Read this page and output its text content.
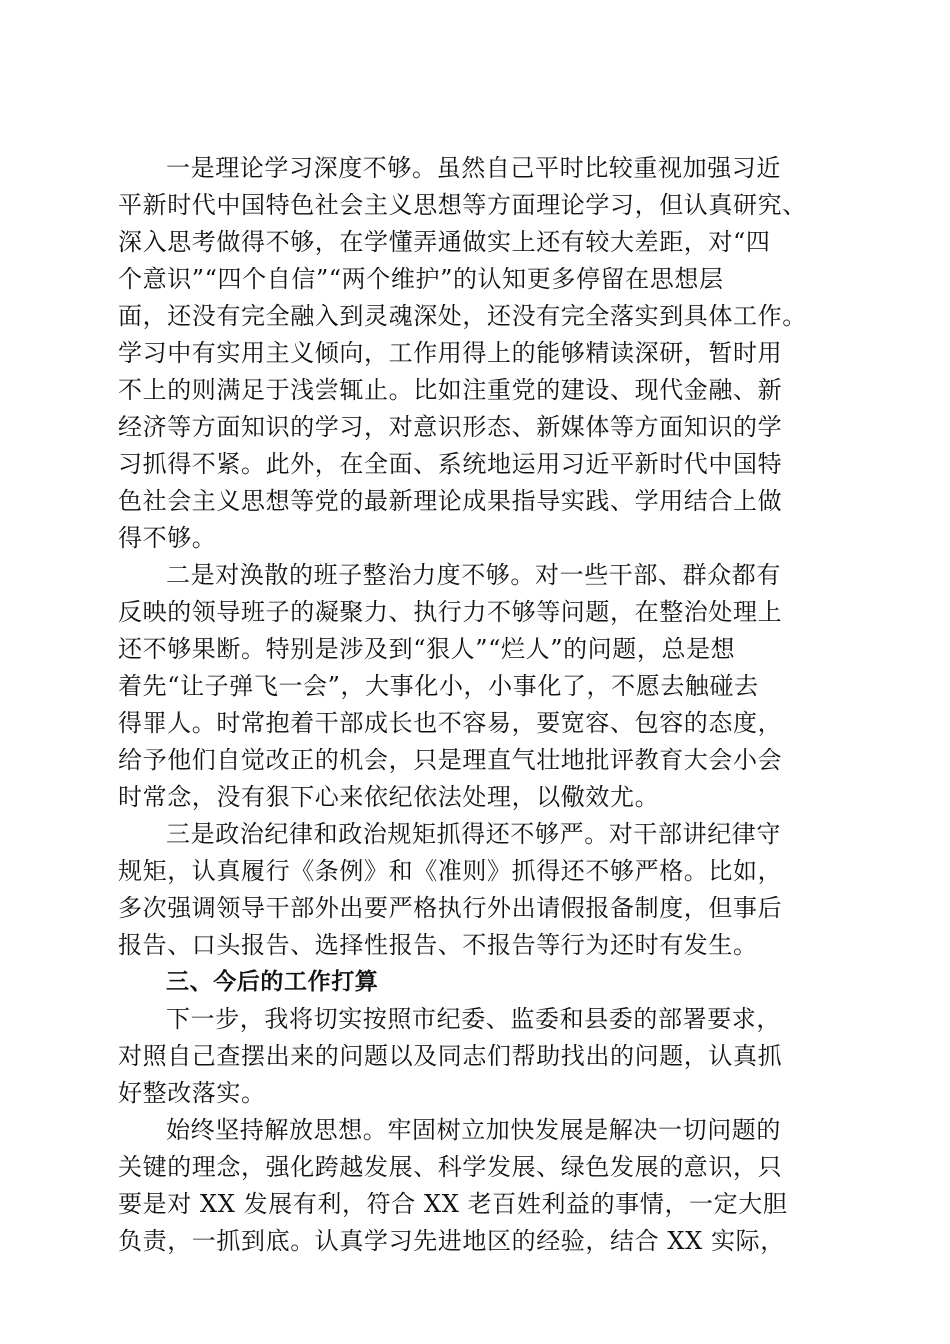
一是理论学习深度不够。虽然自己平时比较重视加强习近
平新时代中国特色社会主义思想等方面理论学习，但认真研究、
深入思考做得不够，在学懂弄通做实上还有较大差距，对“四
个意识”“四个自信”“两个维护”的认知更多停留在思想层
面，还没有完全融入到灵魂深处，还没有完全落实到具体工作。
学习中有实用主义倾向，工作用得上的能够精读深研，暂时用
不上的则满足于浅尝辄止。比如注重党的建设、现代金融、新
经济等方面知识的学习，对意识形态、新媒体等方面知识的学
习抓得不紧。此外，在全面、系统地运用习近平新时代中国特
色社会主义思想等党的最新理论成果指导实践、学用结合上做
得不够。
二是对涣散的班子整治力度不够。对一些干部、群众都有
反映的领导班子的凝聚力、执行力不够等问题，在整治处理上
还不够果断。特别是涉及到“狠人”“烂人”的问题，总是想
着先“让子弹飞一会”，大事化小，小事化了，不愿去触碰去
得罪人。时常抱着干部成长也不容易，要宽容、包容的态度，
给予他们自觉改正的机会，只是理直气壮地批评教育大会小会
时常念，没有狠下心来依纪依法处理，以儆效尤。
三是政治纪律和政治规矩抓得还不够严。对干部讲纪律守
规矩，认真履行《条例》和《准则》抓得还不够严格。比如，
多次强调领导干部外出要严格执行外出请假报备制度，但事后
报告、口头报告、选择性报告、不报告等行为还时有发生。
三、今后的工作打算
下一步，我将切实按照市纪委、监委和县委的部署要求，
对照自己查摆出来的问题以及同志们帮助找出的问题，认真抓
好整改落实。
始终坚持解放思想。牢固树立加快发展是解决一切问题的
关键的理念，强化跨越发展、科学发展、绿色发展的意识，只
要是对 XX 发展有利，符合 XX 老百姓利益的事情，一定大胆
负责，一抓到底。认真学习先进地区的经验，结合 XX 实际，
